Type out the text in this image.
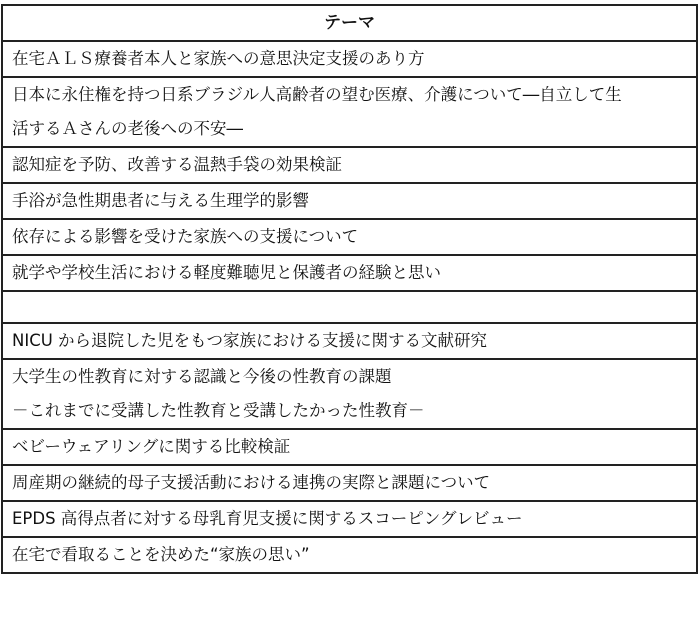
テーマ

在宅ＡＬＳ療養者本人と家族への意思決定支援のあり方

日本に永住権を持つ日系ブラジル人高齢者の望む医療、介護について―自立して生
活するＡさんの老後への不安―

認知症を予防、改善する温熱手袋の効果検証

手浴が急性期患者に与える生理学的影響

依存による影響を受けた家族への支援について

就学や学校生活における軽度難聴児と保護者の経験と思い

NICU から退院した児をもつ家族における支援に関する文献研究

大学生の性教育に対する認識と今後の性教育の課題
－これまでに受講した性教育と受講したかった性教育－

ベビーウェアリングに関する比較検証

周産期の継続的母子支援活動における連携の実際と課題について

EPDS 高得点者に対する母乳育児支援に関するスコーピングレビュー

在宅で看取ることを決めた“家族の思い”
